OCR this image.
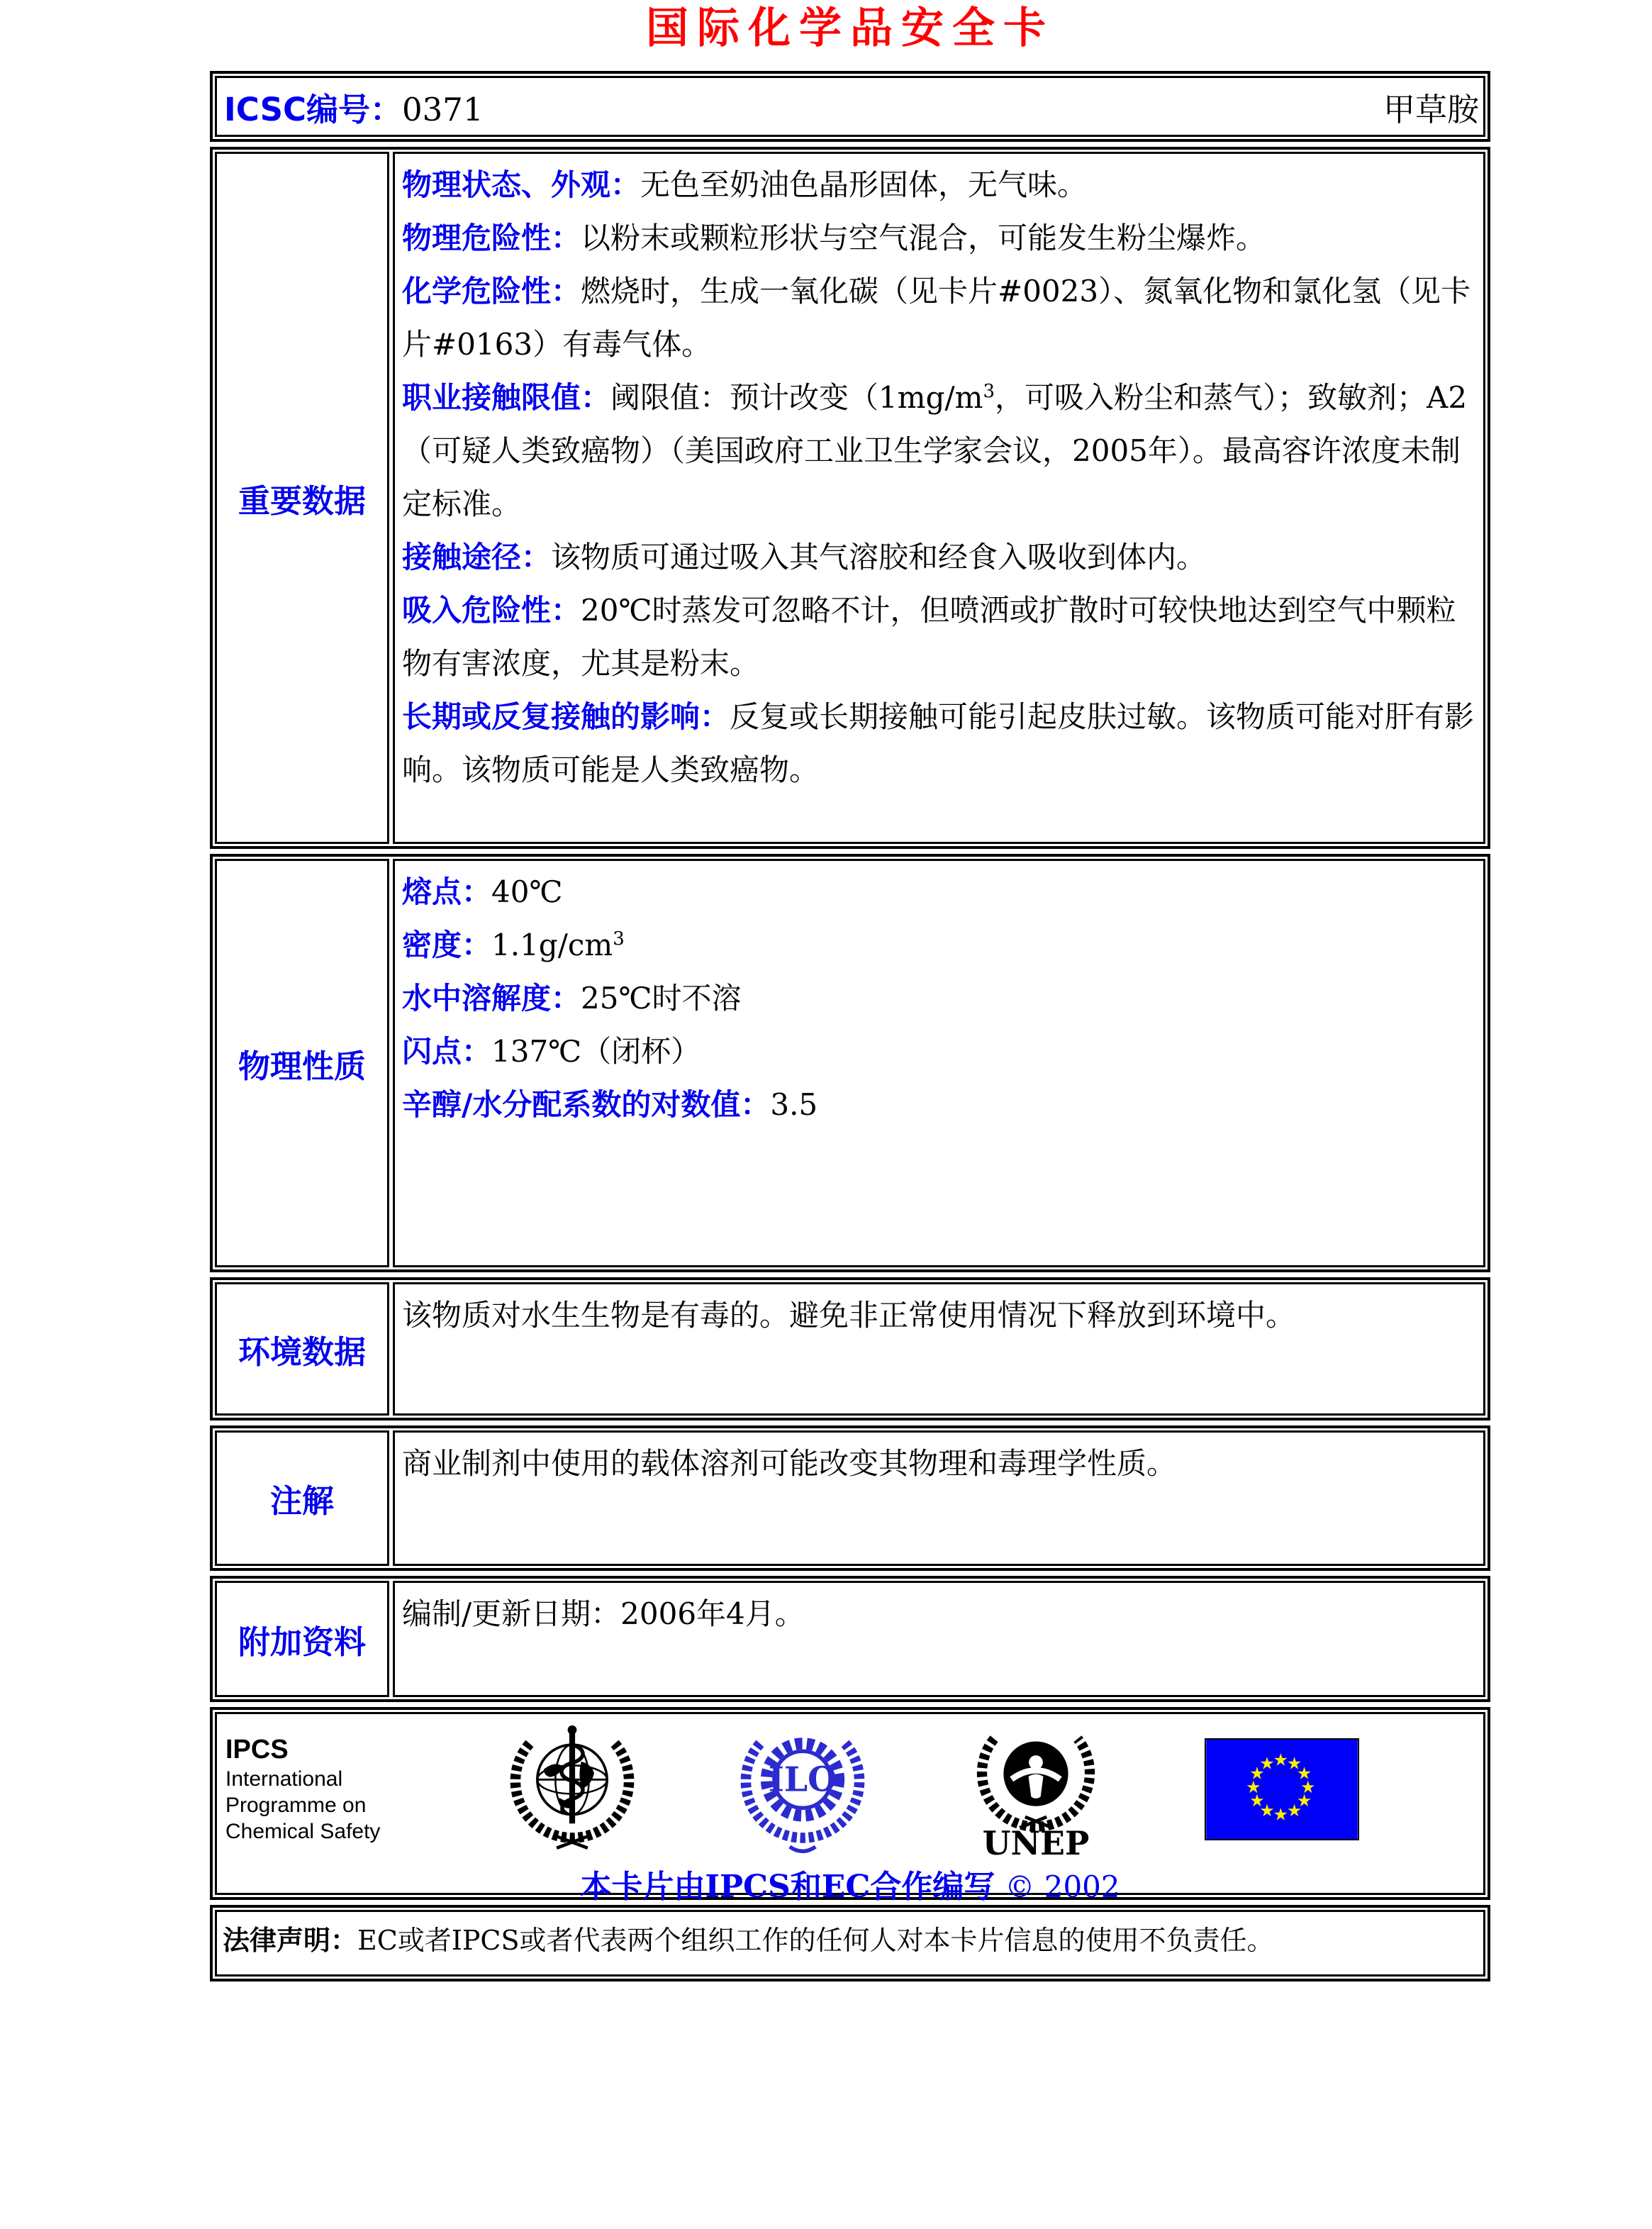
国际化学品安全卡
ICSC编号：0371	甲草胺
重要数据

物理状态、外观：无色至奶油色晶形固体，无气味。

物理危险性：以粉末或颗粒形状与空气混合，可能发生粉尘爆炸。

化学危险性：燃烧时，生成一氧化碳（见卡片#0023）、氮氧化物和氯化氢（见卡片#0163）有毒气体。

职业接触限值：阈限值：预计改变（$1mg/m^3$，可吸入粉尘和蒸气）；致敏剂；A2（可疑人类致癌物）（美国政府工业卫生学家会议，2005年）。最高容许浓度未制定标准。

接触途径：该物质可通过吸入其气溶胶和经食入吸收到体内。

吸入危险性：20℃时蒸发可忽略不计，但喷洒或扩散时可较快地达到空气中颗粒物有害浓度，尤其是粉末。

长期或反复接触的影响：反复或长期接触可能引起皮肤过敏。该物质可能对肝有影响。该物质可能是人类致癌物。

物理性质

熔点：40℃

密度：$1.1g/cm^3$

水中溶解度：25℃时不溶

闪点：137℃（闭杯）

辛醇/水分配系数的对数值：3.5

环境数据

该物质对水生生物是有毒的。避免非正常使用情况下释放到环境中。

注解

商业制剂中使用的载体溶剂可能改变其物理和毒理学性质。

附加资料

编制/更新日期：2006年4月。

IPCS
International
Programme on
Chemical Safety
ILO
UNEP
★
★
★
★
★
★
★
★
★
★
★
★
本卡片由IPCS和EC合作编写 © 2002
法律声明：EC或者IPCS或者代表两个组织工作的任何人对本卡片信息的使用不负责任。
